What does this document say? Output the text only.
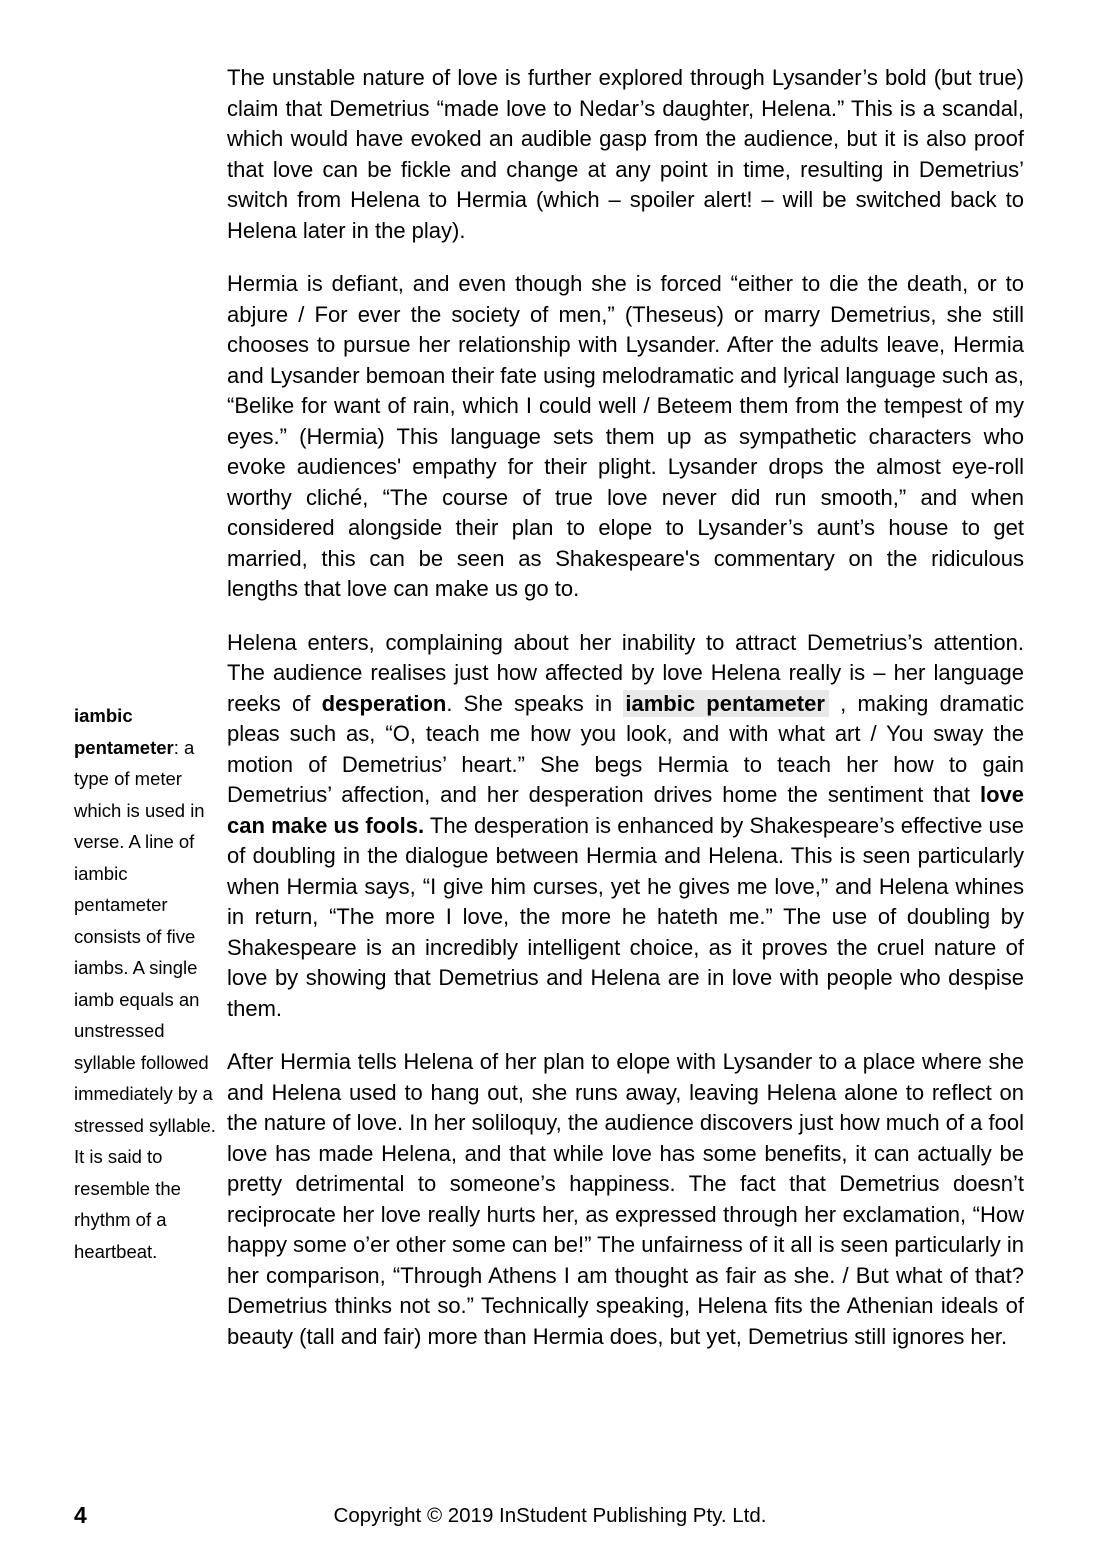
iambic pentameter: a type of meter which is used in verse. A line of iambic pentameter consists of five iambs. A single iamb equals an unstressed syllable followed immediately by a stressed syllable. It is said to resemble the rhythm of a heartbeat.

The unstable nature of love is further explored through Lysander’s bold (but true) claim that Demetrius “made love to Nedar’s daughter, Helena.” This is a scandal, which would have evoked an audible gasp from the audience, but it is also proof that love can be fickle and change at any point in time, resulting in Demetrius’ switch from Helena to Hermia (which – spoiler alert! – will be switched back to Helena later in the play).

Hermia is defiant, and even though she is forced “either to die the death, or to abjure / For ever the society of men,” (Theseus) or marry Demetrius, she still chooses to pursue her relationship with Lysander. After the adults leave, Hermia and Lysander bemoan their fate using melodramatic and lyrical language such as, “Belike for want of rain, which I could well / Beteem them from the tempest of my eyes.” (Hermia) This language sets them up as sympathetic characters who evoke audiences' empathy for their plight. Lysander drops the almost eye-roll worthy cliché, “The course of true love never did run smooth,” and when considered alongside their plan to elope to Lysander’s aunt’s house to get married, this can be seen as Shakespeare's commentary on the ridiculous lengths that love can make us go to.

Helena enters, complaining about her inability to attract Demetrius’s attention. The audience realises just how affected by love Helena really is – her language reeks of desperation. She speaks in iambic pentameter , making dramatic pleas such as, “O, teach me how you look, and with what art / You sway the motion of Demetrius’ heart.” She begs Hermia to teach her how to gain Demetrius’ affection, and her desperation drives home the sentiment that love can make us fools. The desperation is enhanced by Shakespeare’s effective use of doubling in the dialogue between Hermia and Helena. This is seen particularly when Hermia says, “I give him curses, yet he gives me love,” and Helena whines in return, “The more I love, the more he hateth me.” The use of doubling by Shakespeare is an incredibly intelligent choice, as it proves the cruel nature of love by showing that Demetrius and Helena are in love with people who despise them.

After Hermia tells Helena of her plan to elope with Lysander to a place where she and Helena used to hang out, she runs away, leaving Helena alone to reflect on the nature of love. In her soliloquy, the audience discovers just how much of a fool love has made Helena, and that while love has some benefits, it can actually be pretty detrimental to someone’s happiness. The fact that Demetrius doesn’t reciprocate her love really hurts her, as expressed through her exclamation, “How happy some o’er other some can be!” The unfairness of it all is seen particularly in her comparison, “Through Athens I am thought as fair as she. / But what of that? Demetrius thinks not so.” Technically speaking, Helena fits the Athenian ideals of beauty (tall and fair) more than Hermia does, but yet, Demetrius still ignores her.

4	Copyright © 2019 InStudent Publishing Pty. Ltd.
